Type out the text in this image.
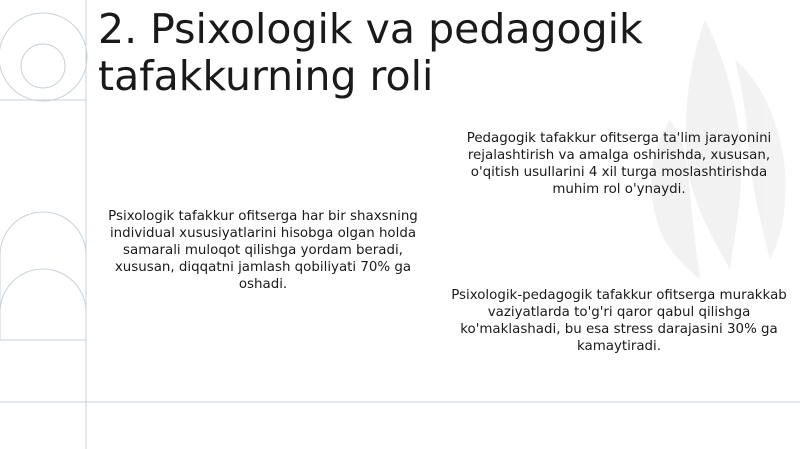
2. Psixologik va pedagogik tafakkurning roli

Psixologik tafakkur ofitserga har bir shaxsning individual xususiyatlarini hisobga olgan holda samarali muloqot qilishga yordam beradi, xususan, diqqatni jamlash qobiliyati 70% ga oshadi.

Pedagogik tafakkur ofitserga ta'lim jarayonini rejalashtirish va amalga oshirishda, xususan, o'qitish usullarini 4 xil turga moslashtirishda muhim rol o'ynaydi.

Psixologik-pedagogik tafakkur ofitserga murakkab vaziyatlarda to'g'ri qaror qabul qilishga ko'maklashadi, bu esa stress darajasini 30% ga kamaytiradi.
